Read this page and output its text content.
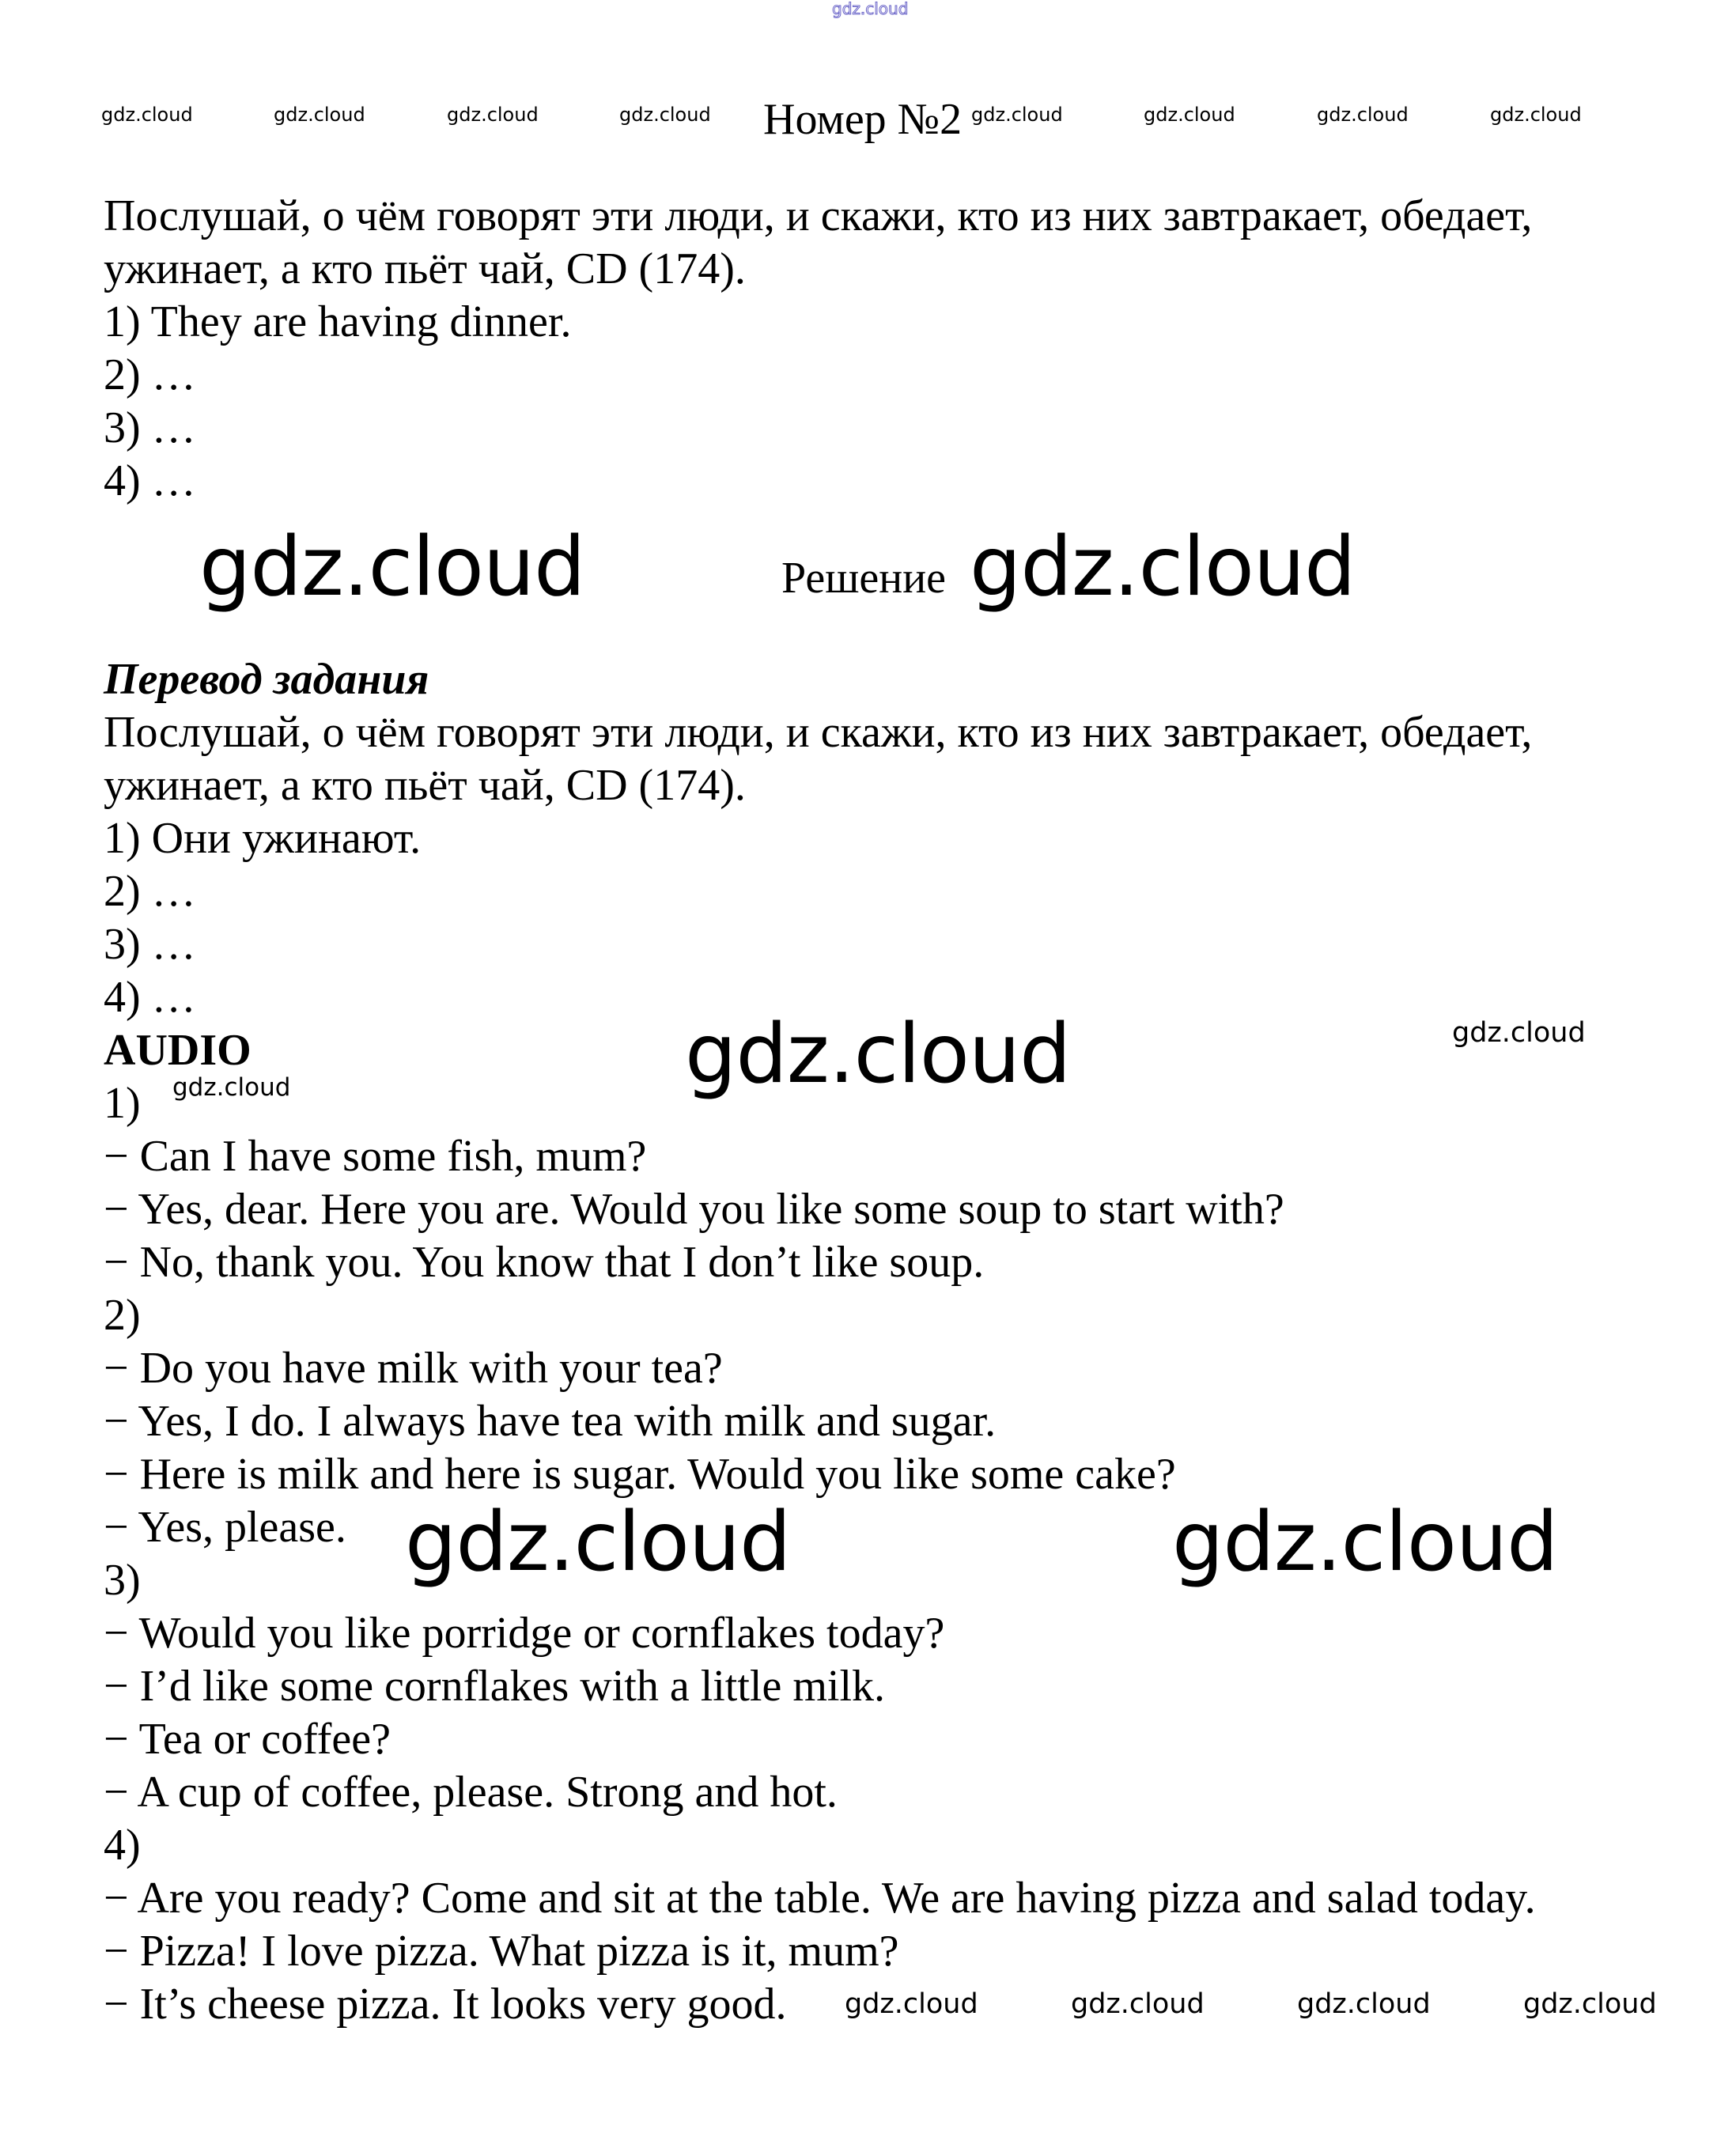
gdz.cloud
gdz.cloud	gdz.cloud	gdz.cloud	gdz.cloud	gdz.cloud	gdz.cloud	gdz.cloud	gdz.cloud
Номер №2
Послушай, о чём говорят эти люди, и скажи, кто из них завтракает, обедает,
ужинает, а кто пьёт чай, CD (174).
1) They are having dinner.
2) …
3) …
4) …
gdz.cloud	Решение gdz.cloud
Перевод задания
Послушай, о чём говорят эти люди, и скажи, кто из них завтракает, обедает,
ужинает, а кто пьёт чай, CD (174).
1) Они ужинают.
2) …
3) …
4) …
AUDIO	gdz.cloud	gdz.cloud
1) gdz.cloud
− Can I have some fish, mum?
− Yes, dear. Here you are. Would you like some soup to start with?
− No, thank you. You know that I don’t like soup.
2)
− Do you have milk with your tea?
− Yes, I do. I always have tea with milk and sugar.
− Here is milk and here is sugar. Would you like some cake?
− Yes, please. gdz.cloud	gdz.cloud
3)
− Would you like porridge or cornflakes today?
− I’d like some cornflakes with a little milk.
− Tea or coffee?
− A cup of coffee, please. Strong and hot.
4)
− Are you ready? Come and sit at the table. We are having pizza and salad today.
− Pizza! I love pizza. What pizza is it, mum?
− It’s cheese pizza. It looks very good. gdz.cloud	gdz.cloud	gdz.cloud	gdz.cloud
